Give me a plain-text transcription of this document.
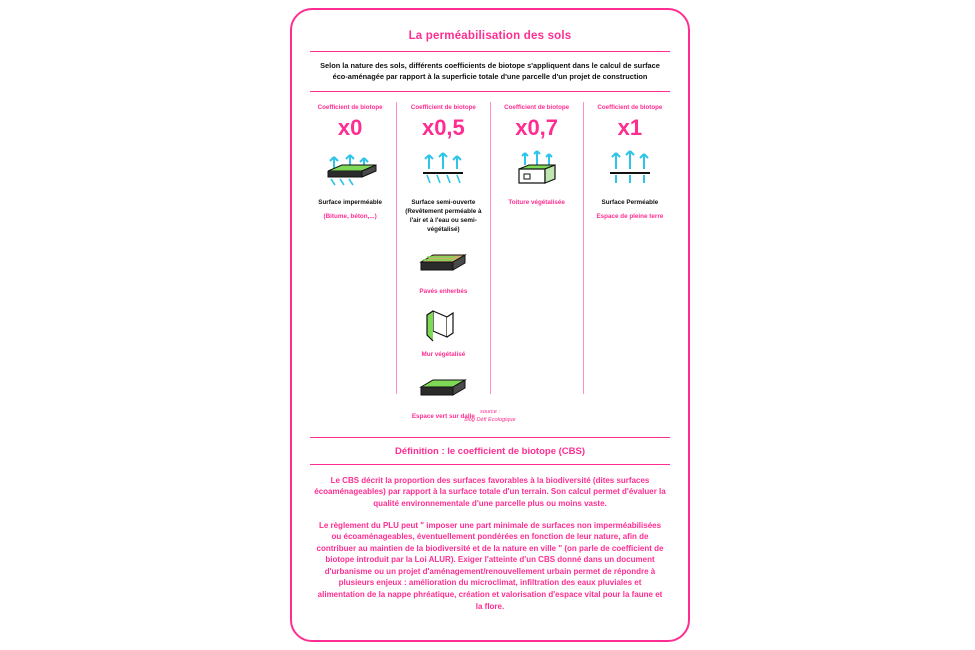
La perméabilisation des sols
Selon la nature des sols, différents coefficients de biotope s'appliquent dans le calcul de surface éco-aménagée par rapport à la superficie totale d'une parcelle d'un projet de construction
Coefficient de biotope
x0
Surface imperméable
(Bitume, béton,...)
Coefficient de biotope
x0,5
Surface semi-ouverte (Revêtement perméable à l'air et à l'eau ou semi-végétalisé)
Pavés enherbés
Mur végétalisé
Espace vert sur dalle
Coefficient de biotope
x0,7
Toiture végétalisée
Coefficient de biotope
x1
Surface Perméable
Espace de pleine terre
source :
blog Défi Ecologique
Définition : le coefficient de biotope (CBS)
Le CBS décrit la proportion des surfaces favorables à la biodiversité (dites surfaces écoaménageables) par rapport à la surface totale d'un terrain. Son calcul permet d'évaluer la qualité environnementale d'une parcelle plus ou moins vaste.
Le règlement du PLU peut " imposer une part minimale de surfaces non imperméabilisées ou écoaménageables, éventuellement pondérées en fonction de leur nature, afin de contribuer au maintien de la biodiversité et de la nature en ville " (on parle de coefficient de biotope introduit par la Loi ALUR). Exiger l'atteinte d'un CBS donné dans un document d'urbanisme ou un projet d'aménagement/renouvellement urbain permet de répondre à plusieurs enjeux : amélioration du microclimat, infiltration des eaux pluviales et alimentation de la nappe phréatique, création et valorisation d'espace vital pour la faune et la flore.
